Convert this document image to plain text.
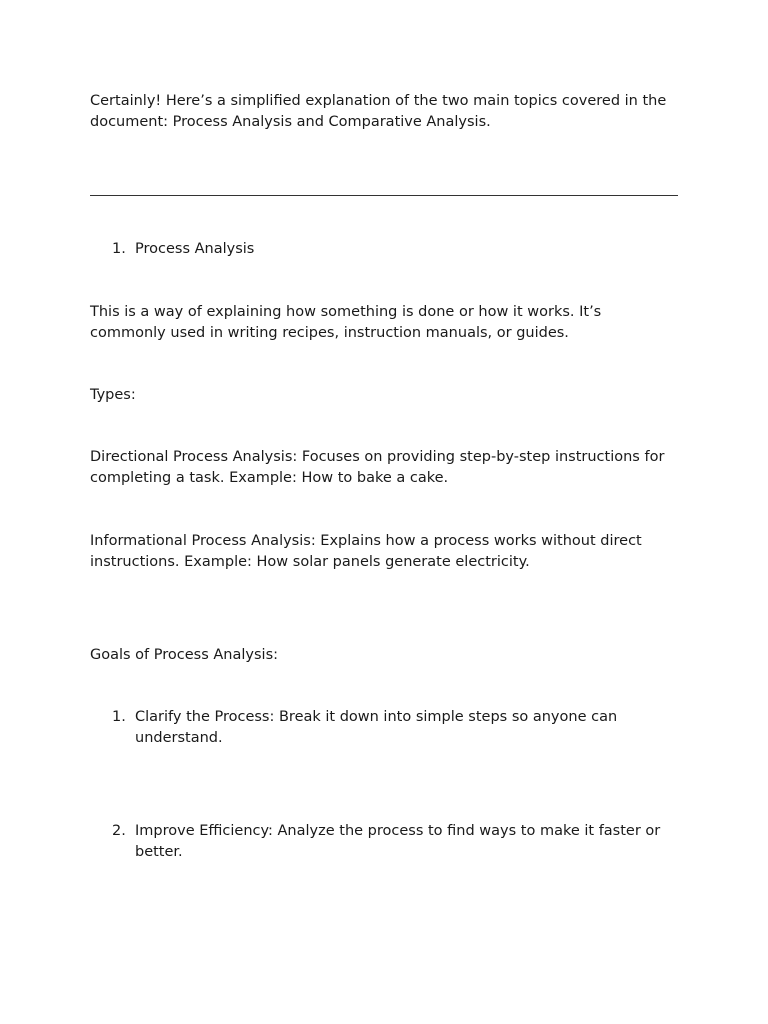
Certainly! Here’s a simplified explanation of the two main topics covered in the document: Process Analysis and Comparative Analysis.

1. Process Analysis

This is a way of explaining how something is done or how it works. It’s commonly used in writing recipes, instruction manuals, or guides.

Types:

Directional Process Analysis: Focuses on providing step-by-step instructions for completing a task. Example: How to bake a cake.

Informational Process Analysis: Explains how a process works without direct instructions. Example: How solar panels generate electricity.

Goals of Process Analysis:

1. Clarify the Process: Break it down into simple steps so anyone can understand.
2. Improve Efficiency: Analyze the process to find ways to make it faster or better.
